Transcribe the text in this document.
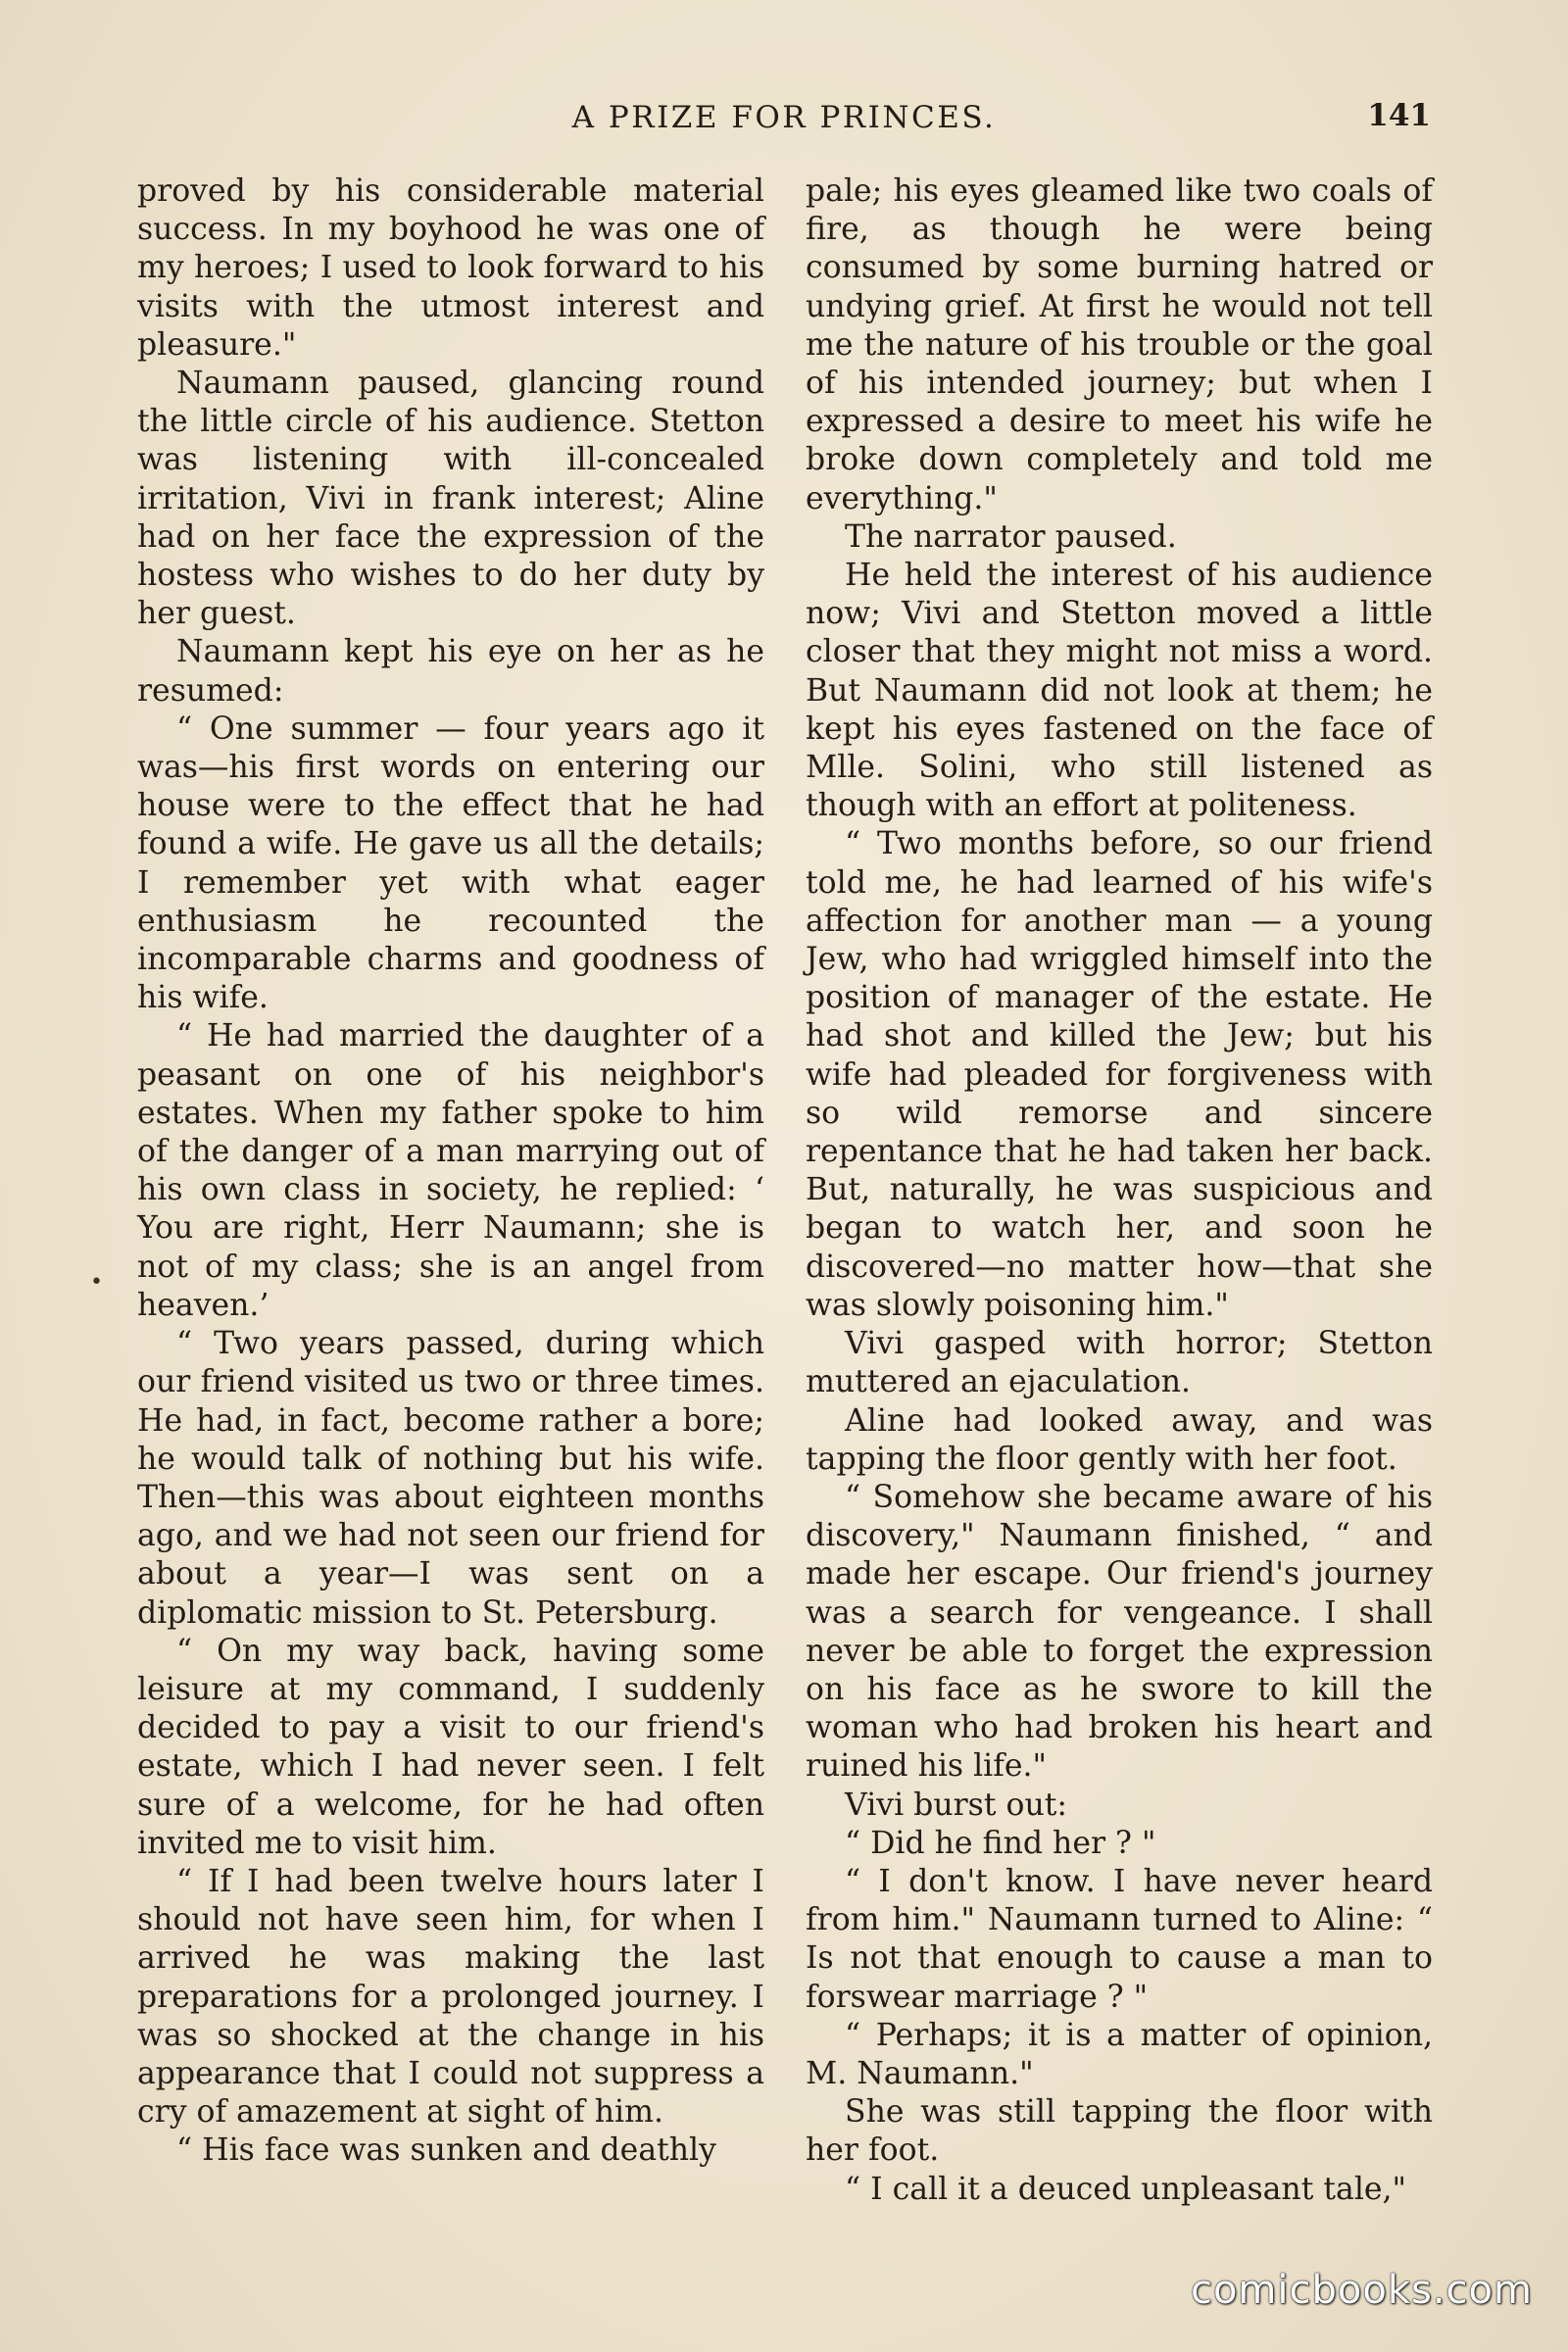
A PRIZE FOR PRINCES.	141
•

proved by his considerable material success. In my boyhood he was one of my heroes; I used to look forward to his visits with the utmost interest and pleasure."

Naumann paused, glancing round the little circle of his audience. Stetton was listening with ill-concealed irritation, Vivi in frank interest; Aline had on her face the expression of the hostess who wishes to do her duty by her guest.

Naumann kept his eye on her as he resumed:

“ One summer — four years ago it was—his first words on entering our house were to the effect that he had found a wife. He gave us all the details; I remember yet with what eager enthusiasm he recounted the incomparable charms and goodness of his wife.

“ He had married the daughter of a peasant on one of his neighbor's estates. When my father spoke to him of the danger of a man marrying out of his own class in society, he replied: ‘ You are right, Herr Naumann; she is not of my class; she is an angel from heaven.’

“ Two years passed, during which our friend visited us two or three times. He had, in fact, become rather a bore; he would talk of nothing but his wife. Then—this was about eighteen months ago, and we had not seen our friend for about a year—I was sent on a diplomatic mission to St. Petersburg.

“ On my way back, having some leisure at my command, I suddenly decided to pay a visit to our friend's estate, which I had never seen. I felt sure of a welcome, for he had often invited me to visit him.

“ If I had been twelve hours later I should not have seen him, for when I arrived he was making the last preparations for a prolonged journey. I was so shocked at the change in his appearance that I could not suppress a cry of amazement at sight of him.

“ His face was sunken and deathly

pale; his eyes gleamed like two coals of fire, as though he were being consumed by some burning hatred or undying grief. At first he would not tell me the nature of his trouble or the goal of his intended journey; but when I expressed a desire to meet his wife he broke down completely and told me everything."

The narrator paused.

He held the interest of his audience now; Vivi and Stetton moved a little closer that they might not miss a word. But Naumann did not look at them; he kept his eyes fastened on the face of Mlle. Solini, who still listened as though with an effort at politeness.

“ Two months before, so our friend told me, he had learned of his wife's affection for another man — a young Jew, who had wriggled himself into the position of manager of the estate. He had shot and killed the Jew; but his wife had pleaded for forgiveness with so wild remorse and sincere repentance that he had taken her back. But, naturally, he was suspicious and began to watch her, and soon he discovered—no matter how—that she was slowly poisoning him."

Vivi gasped with horror; Stetton muttered an ejaculation.

Aline had looked away, and was tapping the floor gently with her foot.

“ Somehow she became aware of his discovery," Naumann finished, “ and made her escape. Our friend's journey was a search for vengeance. I shall never be able to forget the expression on his face as he swore to kill the woman who had broken his heart and ruined his life."

Vivi burst out:

“ Did he find her ? "

“ I don't know. I have never heard from him." Naumann turned to Aline: “ Is not that enough to cause a man to forswear marriage ? "

“ Perhaps; it is a matter of opinion, M. Naumann."

She was still tapping the floor with her foot.

“ I call it a deuced unpleasant tale,"

comicbooks.com
